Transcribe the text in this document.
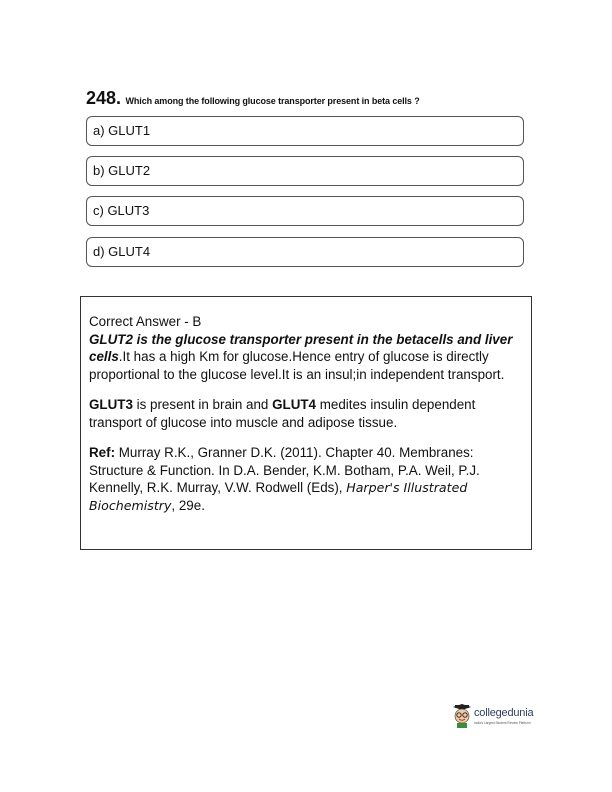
248. Which among the following glucose transporter present in beta cells ?
a) GLUT1
b) GLUT2
c) GLUT3
d) GLUT4

Correct Answer - B

GLUT2 is the glucose transporter present in the betacells and liver cells.It has a high Km for glucose.Hence entry of glucose is directly proportional to the glucose level.It is an insul;in independent transport.

GLUT3 is present in brain and GLUT4 medites insulin dependent transport of glucose into muscle and adipose tissue.

Ref: Murray R.K., Granner D.K. (2011). Chapter 40. Membranes: Structure & Function. In D.A. Bender, K.M. Botham, P.A. Weil, P.J. Kennelly, R.K. Murray, V.W. Rodwell (Eds), Harper's Illustrated Biochemistry, 29e.

collegedunia
India's Largest Student Review Platform
